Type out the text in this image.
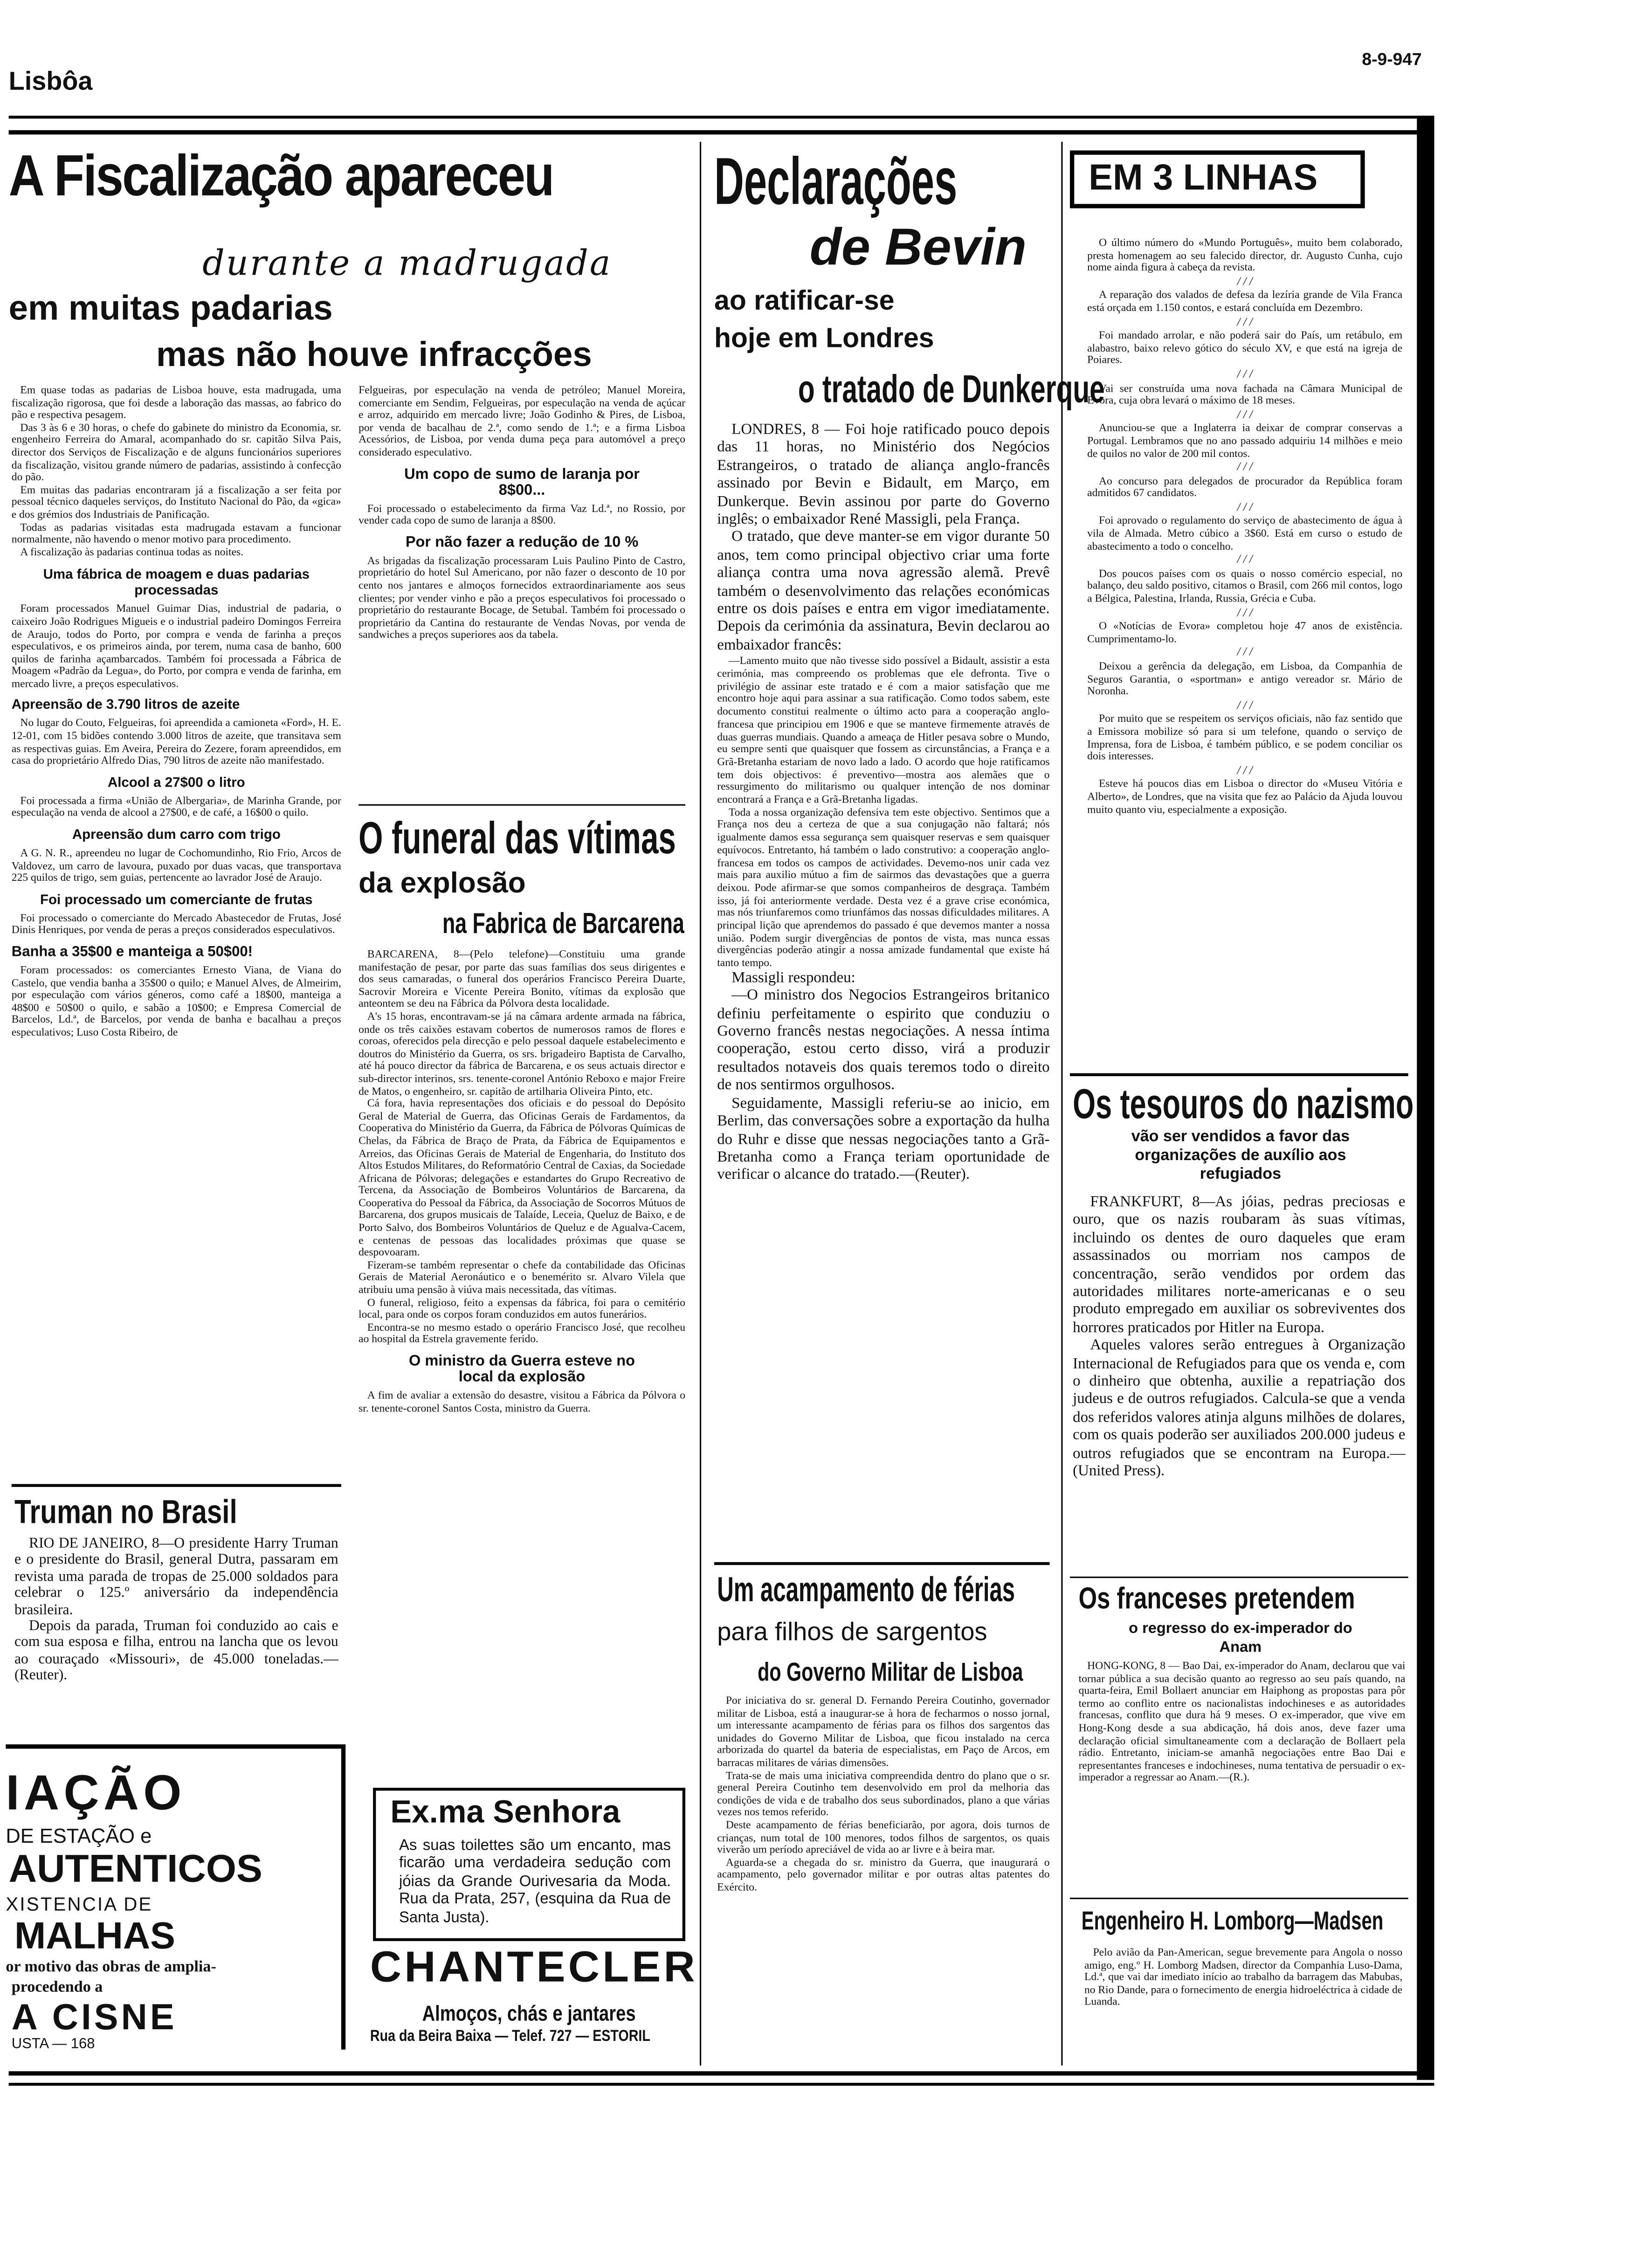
Lisbôa
8-9-947
A Fiscalização apareceu
durante a madrugada
em muitas padarias
mas não houve infracções

Em quase todas as padarias de Lisboa houve, esta madrugada, uma fiscalização rigorosa, que foi desde a laboração das massas, ao fabrico do pão e respectiva pesagem.

Das 3 às 6 e 30 horas, o chefe do gabinete do ministro da Economia, sr. engenheiro Ferreira do Amaral, acompanhado do sr. capitão Silva Pais, director dos Serviços de Fiscalização e de alguns funcionários superiores da fiscalização, visitou grande número de padarias, assistindo à confecção do pão.

Em muitas das padarias encontraram já a fiscalização a ser feita por pessoal técnico daqueles serviços, do Instituto Nacional do Pão, da «gica» e dos grémios dos Industriais de Panificação.

Todas as padarias visitadas esta madrugada estavam a funcionar normalmente, não havendo o menor motivo para procedimento.

A fiscalização às padarias continua todas as noites.

Uma fábrica de moagem e duas padarias processadas

Foram processados Manuel Guimar Dias, industrial de padaria, o caixeiro João Rodrigues Migueis e o industrial padeiro Domingos Ferreira de Araujo, todos do Porto, por compra e venda de farinha a preços especulativos, e os primeiros ainda, por terem, numa casa de banho, 600 quilos de farinha açambarcados. Também foi processada a Fábrica de Moagem «Padrão da Legua», do Porto, por compra e venda de farinha, em mercado livre, a preços especulativos.

Apreensão de 3.790 litros de azeite

No lugar do Couto, Felgueiras, foi apreendida a camioneta «Ford», H. E. 12-01, com 15 bidões contendo 3.000 litros de azeite, que transitava sem as respectivas guias. Em Aveira, Pereira do Zezere, foram apreendidos, em casa do proprietário Alfredo Dias, 790 litros de azeite não manifestado.

Alcool a 27$00 o litro

Foi processada a firma «União de Albergaria», de Marinha Grande, por especulação na venda de alcool a 27$00, e de café, a 16$00 o quilo.

Apreensão dum carro com trigo

A G. N. R., apreendeu no lugar de Cochomundinho, Rio Frio, Arcos de Valdovez, um carro de lavoura, puxado por duas vacas, que transportava 225 quilos de trigo, sem guias, pertencente ao lavrador José de Araujo.

Foi processado um comerciante de frutas

Foi processado o comerciante do Mercado Abastecedor de Frutas, José Dinis Henriques, por venda de peras a preços considerados especulativos.

Banha a 35$00 e manteiga a 50$00!

Foram processados: os comerciantes Ernesto Viana, de Viana do Castelo, que vendia banha a 35$00 o quilo; e Manuel Alves, de Almeirim, por especulação com vários géneros, como café a 18$00, manteiga a 48$00 e 50$00 o quilo, e sabão a 10$00; e Empresa Comercial de Barcelos, Ld.ª, de Barcelos, por venda de banha e bacalhau a preços especulativos; Luso Costa Ribeiro, de

Felgueiras, por especulação na venda de petróleo; Manuel Moreira, comerciante em Sendim, Felgueiras, por especulação na venda de açúcar e arroz, adquirido em mercado livre; João Godinho & Pires, de Lisboa, por venda de bacalhau de 2.ª, como sendo de 1.ª; e a firma Lisboa Acessórios, de Lisboa, por venda duma peça para automóvel a preço considerado especulativo.

Um copo de sumo de laranja por 8$00...

Foi processado o estabelecimento da firma Vaz Ld.ª, no Rossio, por vender cada copo de sumo de laranja a 8$00.

Por não fazer a redução de 10 %

As brigadas da fiscalização processaram Luis Paulino Pinto de Castro, proprietário do hotel Sul Americano, por não fazer o desconto de 10 por cento nos jantares e almoços fornecidos extraordinariamente aos seus clientes; por vender vinho e pão a preços especulativos foi processado o proprietário do restaurante Bocage, de Setubal. Também foi processado o proprietário da Cantina do restaurante de Vendas Novas, por venda de sandwiches a preços superiores aos da tabela.

O funeral das vítimas
da explosão
na Fabrica de Barcarena

BARCARENA, 8—(Pelo telefone)—Constituiu uma grande manifestação de pesar, por parte das suas famílias dos seus dirigentes e dos seus camaradas, o funeral dos operários Francisco Pereira Duarte, Sacrovir Moreira e Vicente Pereira Bonito, vítimas da explosão que anteontem se deu na Fábrica da Pólvora desta localidade.

A's 15 horas, encontravam-se já na câmara ardente armada na fábrica, onde os três caixões estavam cobertos de numerosos ramos de flores e coroas, oferecidos pela direcção e pelo pessoal daquele estabelecimento e doutros do Ministério da Guerra, os srs. brigadeiro Baptista de Carvalho, até há pouco director da fábrica de Barcarena, e os seus actuais director e sub-director interinos, srs. tenente-coronel António Reboxo e major Freire de Matos, o engenheiro, sr. capitão de artilharia Oliveira Pinto, etc.

Cá fora, havia representações dos oficiais e do pessoal do Depósito Geral de Material de Guerra, das Oficinas Gerais de Fardamentos, da Cooperativa do Ministério da Guerra, da Fábrica de Pólvoras Químicas de Chelas, da Fábrica de Braço de Prata, da Fábrica de Equipamentos e Arreios, das Oficinas Gerais de Material de Engenharia, do Instituto dos Altos Estudos Militares, do Reformatório Central de Caxias, da Sociedade Africana de Pólvoras; delegações e estandartes do Grupo Recreativo de Tercena, da Associação de Bombeiros Voluntários de Barcarena, da Cooperativa do Pessoal da Fábrica, da Associação de Socorros Mútuos de Barcarena, dos grupos musicais de Talaíde, Leceia, Queluz de Baixo, e de Porto Salvo, dos Bombeiros Voluntários de Queluz e de Agualva-Cacem, e centenas de pessoas das localidades próximas que quase se despovoaram.

Fizeram-se também representar o chefe da contabilidade das Oficinas Gerais de Material Aeronáutico e o benemérito sr. Alvaro Vilela que atribuiu uma pensão à viúva mais necessitada, das vítimas.

O funeral, religioso, feito a expensas da fábrica, foi para o cemitério local, para onde os corpos foram conduzidos em autos funerários.

Encontra-se no mesmo estado o operário Francisco José, que recolheu ao hospital da Estrela gravemente ferido.

O ministro da Guerra esteve no local da explosão

A fim de avaliar a extensão do desastre, visitou a Fábrica da Pólvora o sr. tenente-coronel Santos Costa, ministro da Guerra.

Truman no Brasil

RIO DE JANEIRO, 8—O presidente Harry Truman e o presidente do Brasil, general Dutra, passaram em revista uma parada de tropas de 25.000 soldados para celebrar o 125.º aniversário da independência brasileira.

Depois da parada, Truman foi conduzido ao cais e com sua esposa e filha, entrou na lancha que os levou ao couraçado «Missouri», de 45.000 toneladas.—(Reuter).

IAÇÃO
DE ESTAÇÃO e
AUTENTICOS
XISTENCIA DE
MALHAS
or motivo das obras de amplia-
procedendo a
A CISNE
USTA — 168
Ex.ma Senhora
As suas toilettes são um encanto, mas ficarão uma verdadeira sedução com jóias da Grande Ourivesaria da Moda. Rua da Prata, 257, (esquina da Rua de Santa Justa).
CHANTECLER
Almoços, chás e jantares
Rua da Beira Baixa — Telef. 727 — ESTORIL
Declarações
de Bevin
ao ratificar-se
hoje em Londres
o tratado de Dunkerque

LONDRES, 8 — Foi hoje ratificado pouco depois das 11 horas, no Ministério dos Negócios Estrangeiros, o tratado de aliança anglo-francês assinado por Bevin e Bidault, em Março, em Dunkerque. Bevin assinou por parte do Governo inglês; o embaixador René Massigli, pela França.

O tratado, que deve manter-se em vigor durante 50 anos, tem como principal objectivo criar uma forte aliança contra uma nova agressão alemã. Prevê também o desenvolvimento das relações económicas entre os dois países e entra em vigor imediatamente. Depois da cerimónia da assinatura, Bevin declarou ao embaixador francês:

—Lamento muito que não tivesse sido possível a Bidault, assistir a esta cerimónia, mas compreendo os problemas que ele defronta. Tive o privilégio de assinar este tratado e é com a maior satisfação que me encontro hoje aqui para assinar a sua ratificação. Como todos sabem, este documento constitui realmente o último acto para a cooperação anglo-francesa que principiou em 1906 e que se manteve firmemente através de duas guerras mundiais. Quando a ameaça de Hitler pesava sobre o Mundo, eu sempre senti que quaisquer que fossem as circunstâncias, a França e a Grã-Bretanha estariam de novo lado a lado. O acordo que hoje ratificamos tem dois objectivos: é preventivo—mostra aos alemães que o ressurgimento do militarismo ou qualquer intenção de nos dominar encontrará a França e a Grã-Bretanha ligadas.

Toda a nossa organização defensiva tem este objectivo. Sentimos que a França nos deu a certeza de que a sua conjugação não faltará; nós igualmente damos essa segurança sem quaisquer reservas e sem quaisquer equívocos. Entretanto, há também o lado construtivo: a cooperação anglo-francesa em todos os campos de actividades. Devemo-nos unir cada vez mais para auxilio mútuo a fim de sairmos das devastações que a guerra deixou. Pode afirmar-se que somos companheiros de desgraça. Também isso, já foi anteriormente verdade. Desta vez é a grave crise económica, mas nós triunfaremos como triunfámos das nossas dificuldades militares. A principal lição que aprendemos do passado é que devemos manter a nossa união. Podem surgir divergências de pontos de vista, mas nunca essas divergências poderão atingir a nossa amizade fundamental que existe há tanto tempo.

Massigli respondeu:

—O ministro dos Negocios Estrangeiros britanico definiu perfeitamente o espirito que conduziu o Governo francês nestas negociações. A nessa íntima cooperação, estou certo disso, virá a produzir resultados notaveis dos quais teremos todo o direito de nos sentirmos orgulhosos.

Seguidamente, Massigli referiu-se ao inicio, em Berlim, das conversações sobre a exportação da hulha do Ruhr e disse que nessas negociações tanto a Grã-Bretanha como a França teriam oportunidade de verificar o alcance do tratado.—(Reuter).

Um acampamento de férias
para filhos de sargentos
do Governo Militar de Lisboa

Por iniciativa do sr. general D. Fernando Pereira Coutinho, governador militar de Lisboa, está a inaugurar-se à hora de fecharmos o nosso jornal, um interessante acampamento de férias para os filhos dos sargentos das unidades do Governo Militar de Lisboa, que ficou instalado na cerca arborizada do quartel da bateria de especialistas, em Paço de Arcos, em barracas militares de várias dimensões.

Trata-se de mais uma iniciativa compreendida dentro do plano que o sr. general Pereira Coutinho tem desenvolvido em prol da melhoria das condições de vida e de trabalho dos seus subordinados, plano a que várias vezes nos temos referido.

Deste acampamento de férias beneficiarão, por agora, dois turnos de crianças, num total de 100 menores, todos filhos de sargentos, os quais viverão um período apreciável de vida ao ar livre e à beira mar.

Aguarda-se a chegada do sr. ministro da Guerra, que inaugurará o acampamento, pelo governador militar e por outras altas patentes do Exército.

EM 3 LINHAS

O último número do «Mundo Português», muito bem colaborado, presta homenagem ao seu falecido director, dr. Augusto Cunha, cujo nome ainda figura à cabeça da revista.

/ / /

A reparação dos valados de defesa da lezíria grande de Vila Franca está orçada em 1.150 contos, e estará concluída em Dezembro.

/ / /

Foi mandado arrolar, e não poderá sair do País, um retábulo, em alabastro, baixo relevo gótico do século XV, e que está na igreja de Poiares.

/ / /

Vai ser construída uma nova fachada na Câmara Municipal de Evora, cuja obra levará o máximo de 18 meses.

/ / /

Anunciou-se que a Inglaterra ia deixar de comprar conservas a Portugal. Lembramos que no ano passado adquiriu 14 milhões e meio de quilos no valor de 200 mil contos.

/ / /

Ao concurso para delegados de procurador da República foram admitidos 67 candidatos.

/ / /

Foi aprovado o regulamento do serviço de abastecimento de água à vila de Almada. Metro cúbico a 3$60. Está em curso o estudo de abastecimento a todo o concelho.

/ / /

Dos poucos países com os quais o nosso comércio especial, no balanço, deu saldo positivo, citamos o Brasil, com 266 mil contos, logo a Bélgica, Palestina, Irlanda, Russia, Grécia e Cuba.

/ / /

O «Notícias de Evora» completou hoje 47 anos de existência. Cumprimentamo-lo.

/ / /

Deixou a gerência da delegação, em Lisboa, da Companhia de Seguros Garantia, o «sportman» e antigo vereador sr. Mário de Noronha.

/ / /

Por muito que se respeitem os serviços oficiais, não faz sentido que a Emissora mobilize só para si um telefone, quando o serviço de Imprensa, fora de Lisboa, é também público, e se podem conciliar os dois interesses.

/ / /

Esteve há poucos dias em Lisboa o director do «Museu Vitória e Alberto», de Londres, que na visita que fez ao Palácio da Ajuda louvou muito quanto viu, especialmente a exposição.

Os tesouros do nazismo
vão ser vendidos a favor das organizações de auxílio aos refugiados

FRANKFURT, 8—As jóias, pedras preciosas e ouro, que os nazis roubaram às suas vítimas, incluindo os dentes de ouro daqueles que eram assassinados ou morriam nos campos de concentração, serão vendidos por ordem das autoridades militares norte-americanas e o seu produto empregado em auxiliar os sobreviventes dos horrores praticados por Hitler na Europa.

Aqueles valores serão entregues à Organização Internacional de Refugiados para que os venda e, com o dinheiro que obtenha, auxilie a repatriação dos judeus e de outros refugiados. Calcula-se que a venda dos referidos valores atinja alguns milhões de dolares, com os quais poderão ser auxiliados 200.000 judeus e outros refugiados que se encontram na Europa.—(United Press).

Os franceses pretendem
o regresso do ex-imperador do Anam

HONG-KONG, 8 — Bao Dai, ex-imperador do Anam, declarou que vai tornar pública a sua decisão quanto ao regresso ao seu país quando, na quarta-feira, Emil Bollaert anunciar em Haiphong as propostas para pôr termo ao conflito entre os nacionalistas indochineses e as autoridades francesas, conflito que dura há 9 meses. O ex-imperador, que vive em Hong-Kong desde a sua abdicação, há dois anos, deve fazer uma declaração oficial simultaneamente com a declaração de Bollaert pela rádio. Entretanto, iniciam-se amanhã negociações entre Bao Dai e representantes franceses e indochineses, numa tentativa de persuadir o ex-imperador a regressar ao Anam.—(R.).

Engenheiro H. Lomborg—Madsen

Pelo avião da Pan-American, segue brevemente para Angola o nosso amigo, eng.º H. Lomborg Madsen, director da Companhia Luso-Dama, Ld.ª, que vai dar imediato início ao trabalho da barragem das Mabubas, no Rio Dande, para o fornecimento de energia hidroeléctrica à cidade de Luanda.
